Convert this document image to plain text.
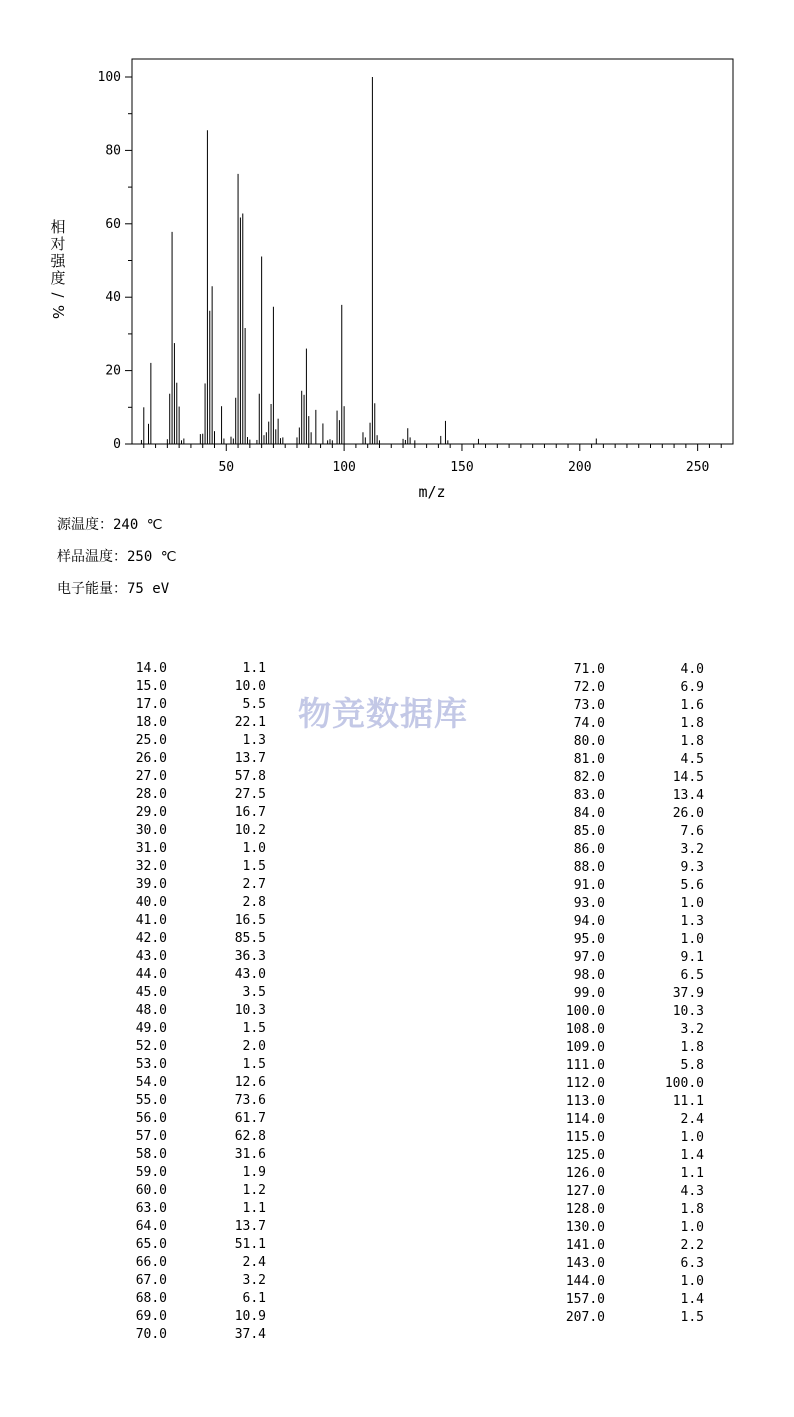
50	100	150	200	250
0
20
40
60
80
100
m/z
相
对
强
度
/
%
源温度：240 ℃
样品温度：250 ℃
电子能量：75 eV
物竞数据库
14.0	1.1
15.0	10.0
17.0	5.5
18.0	22.1
25.0	1.3
26.0	13.7
27.0	57.8
28.0	27.5
29.0	16.7
30.0	10.2
31.0	1.0
32.0	1.5
39.0	2.7
40.0	2.8
41.0	16.5
42.0	85.5
43.0	36.3
44.0	43.0
45.0	3.5
48.0	10.3
49.0	1.5
52.0	2.0
53.0	1.5
54.0	12.6
55.0	73.6
56.0	61.7
57.0	62.8
58.0	31.6
59.0	1.9
60.0	1.2
63.0	1.1
64.0	13.7
65.0	51.1
66.0	2.4
67.0	3.2
68.0	6.1
69.0	10.9
70.0	37.4
71.0	4.0
72.0	6.9
73.0	1.6
74.0	1.8
80.0	1.8
81.0	4.5
82.0	14.5
83.0	13.4
84.0	26.0
85.0	7.6
86.0	3.2
88.0	9.3
91.0	5.6
93.0	1.0
94.0	1.3
95.0	1.0
97.0	9.1
98.0	6.5
99.0	37.9
100.0	10.3
108.0	3.2
109.0	1.8
111.0	5.8
112.0	100.0
113.0	11.1
114.0	2.4
115.0	1.0
125.0	1.4
126.0	1.1
127.0	4.3
128.0	1.8
130.0	1.0
141.0	2.2
143.0	6.3
144.0	1.0
157.0	1.4
207.0	1.5
